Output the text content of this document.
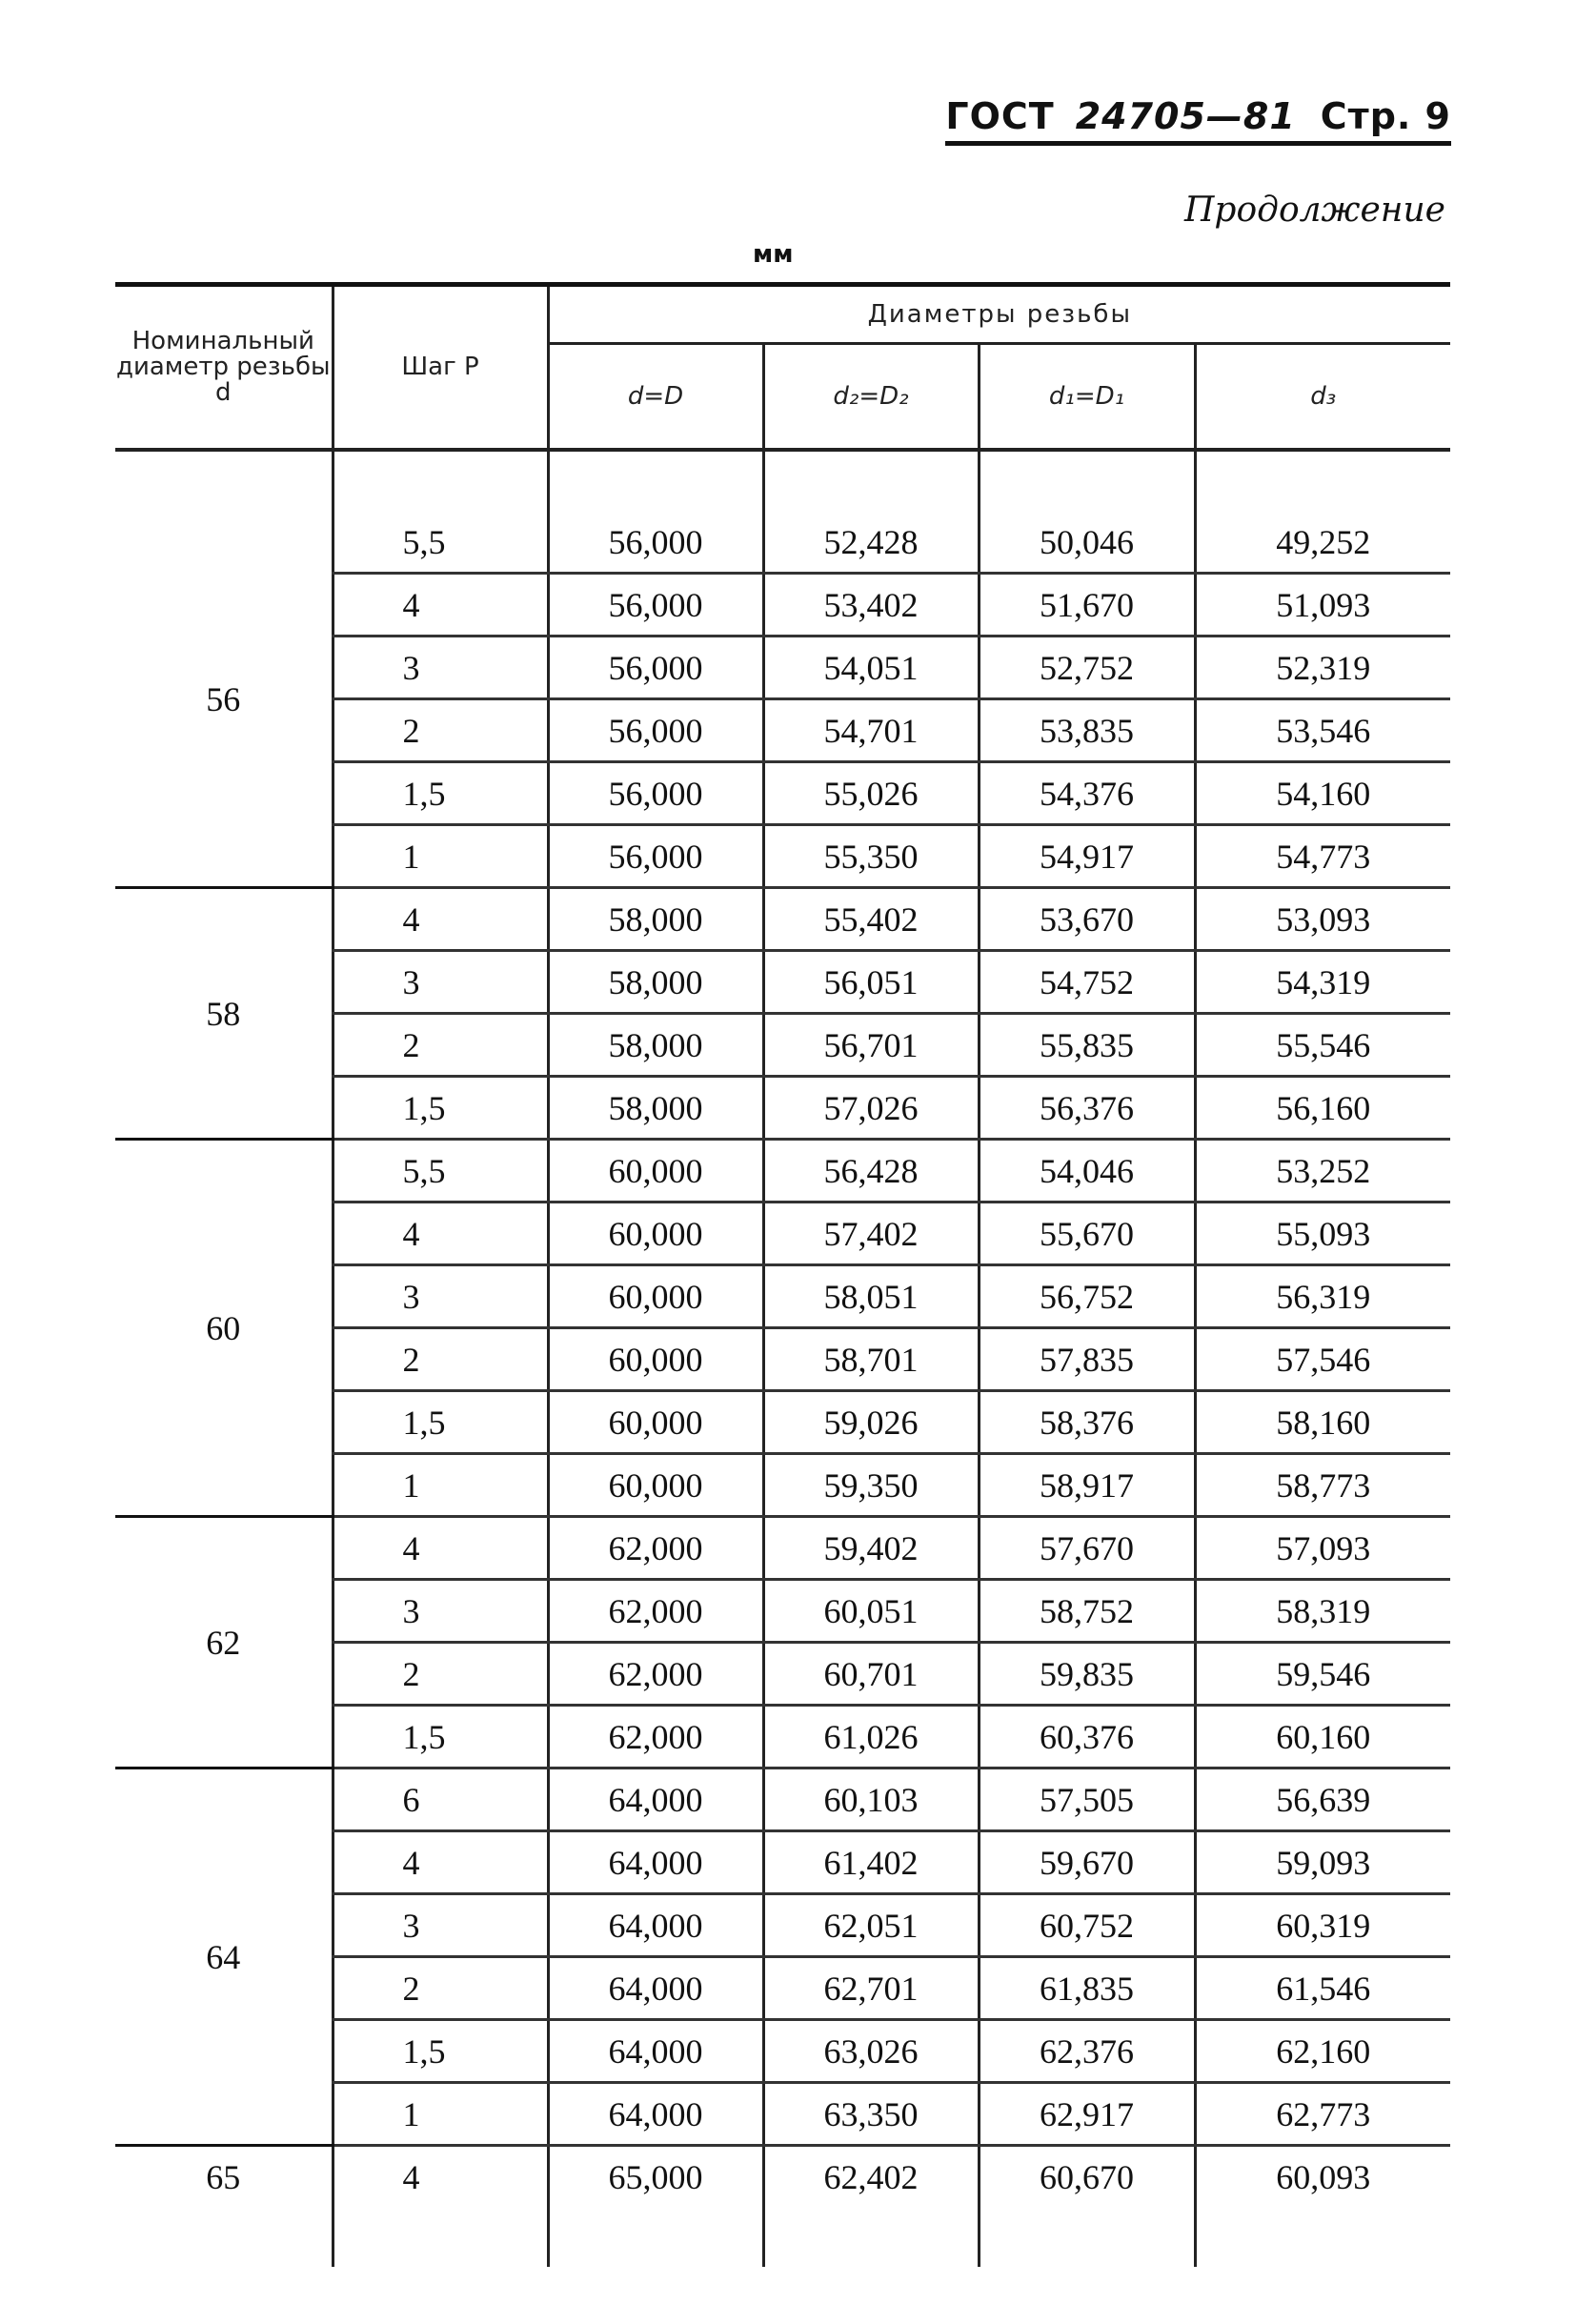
ГОСТ 24705—81 Стр. 9
Продолжение
мм
Номинальный диаметр резьбы d	Шаг P	Диаметры резьбы			
		d=D	d₂=D₂	d₁=D₁	d₃

56	5,5	56,000	52,428	50,046	49,252
	4	56,000	53,402	51,670	51,093
	3	56,000	54,051	52,752	52,319
	2	56,000	54,701	53,835	53,546
	1,5	56,000	55,026	54,376	54,160
	1	56,000	55,350	54,917	54,773
58	4	58,000	55,402	53,670	53,093
	3	58,000	56,051	54,752	54,319
	2	58,000	56,701	55,835	55,546
	1,5	58,000	57,026	56,376	56,160
60	5,5	60,000	56,428	54,046	53,252
	4	60,000	57,402	55,670	55,093
	3	60,000	58,051	56,752	56,319
	2	60,000	58,701	57,835	57,546
	1,5	60,000	59,026	58,376	58,160
	1	60,000	59,350	58,917	58,773
62	4	62,000	59,402	57,670	57,093
	3	62,000	60,051	58,752	58,319
	2	62,000	60,701	59,835	59,546
	1,5	62,000	61,026	60,376	60,160
64	6	64,000	60,103	57,505	56,639
	4	64,000	61,402	59,670	59,093
	3	64,000	62,051	60,752	60,319
	2	64,000	62,701	61,835	61,546
	1,5	64,000	63,026	62,376	62,160
	1	64,000	63,350	62,917	62,773
65	4	65,000	62,402	60,670	60,093
